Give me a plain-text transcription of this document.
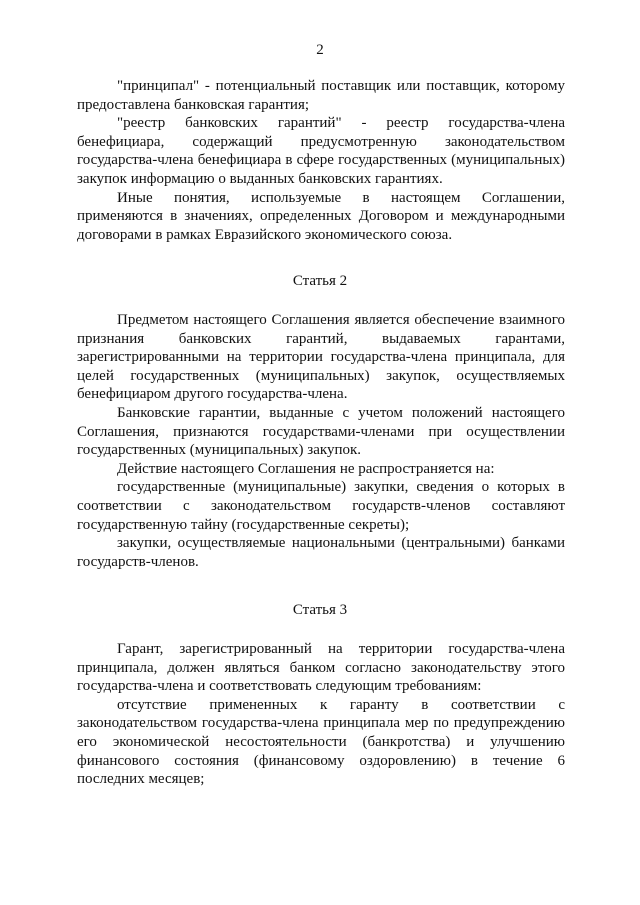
2

"принципал" - потенциальный поставщик или поставщик, которому предоставлена банковская гарантия;

"реестр банковских гарантий" - реестр государства-члена бенефициара, содержащий предусмотренную законодательством государства-члена бенефициара в сфере государственных (муниципальных) закупок информацию о выданных банковских гарантиях.

Иные понятия, используемые в настоящем Соглашении, применяются в значениях, определенных Договором и международными договорами в рамках Евразийского экономического союза.

Статья 2

Предметом настоящего Соглашения является обеспечение взаимного признания банковских гарантий, выдаваемых гарантами, зарегистрированными на территории государства-члена принципала, для целей государственных (муниципальных) закупок, осуществляемых бенефициаром другого государства-члена.

Банковские гарантии, выданные с учетом положений настоящего Соглашения, признаются государствами-членами при осуществлении государственных (муниципальных) закупок.

Действие настоящего Соглашения не распространяется на:

государственные (муниципальные) закупки, сведения о которых в соответствии с законодательством государств-членов составляют государственную тайну (государственные секреты);

закупки, осуществляемые национальными (центральными) банками государств-членов.

Статья 3

Гарант, зарегистрированный на территории государства-члена принципала, должен являться банком согласно законодательству этого государства-члена и соответствовать следующим требованиям:

отсутствие примененных к гаранту в соответствии с законодательством государства-члена принципала мер по предупреждению его экономической несостоятельности (банкротства) и улучшению финансового состояния (финансовому оздоровлению) в течение 6 последних месяцев;
